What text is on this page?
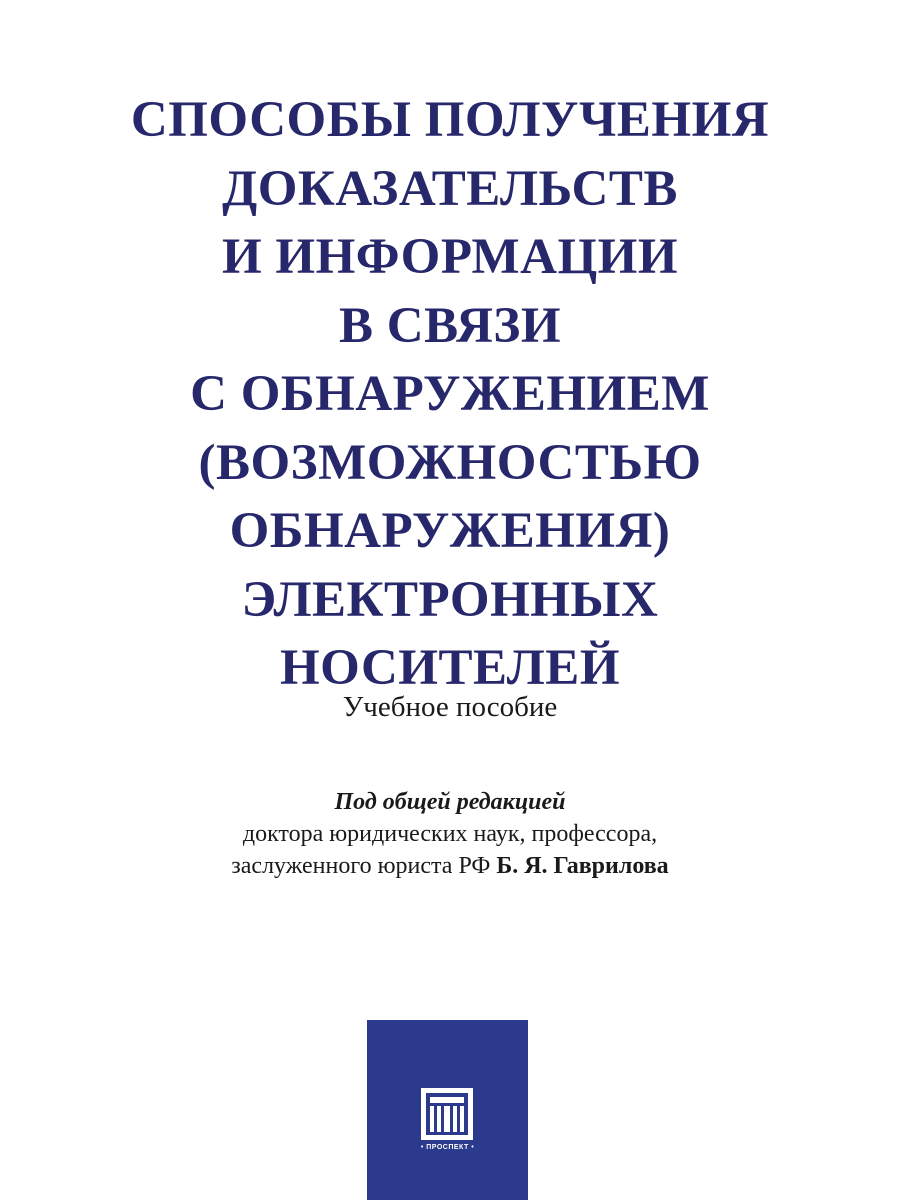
СПОСОБЫ ПОЛУЧЕНИЯ
ДОКАЗАТЕЛЬСТВ
И ИНФОРМАЦИИ
В СВЯЗИ
С ОБНАРУЖЕНИЕМ
(ВОЗМОЖНОСТЬЮ
ОБНАРУЖЕНИЯ)
ЭЛЕКТРОННЫХ
НОСИТЕЛЕЙ
Учебное пособие
Под общей редакцией
доктора юридических наук, профессора,
заслуженного юриста РФ Б. Я. Гаврилова
• ПРОСПЕКТ •
